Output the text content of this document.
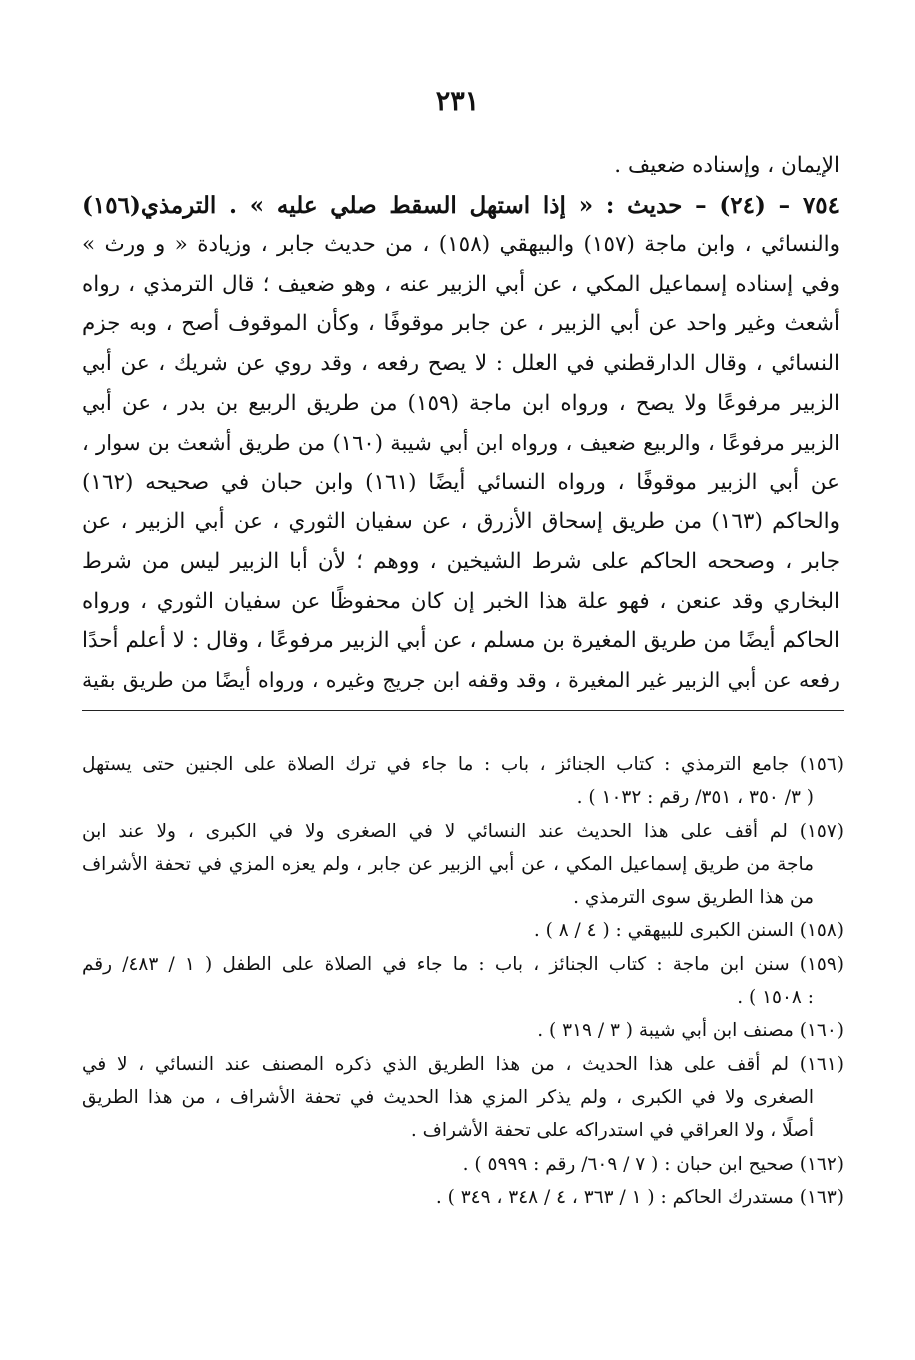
٢٣١
الإيمان ، وإسناده ضعيف .
٧٥٤ – (٢٤) – حديث : « إذا استهل السقط صلي عليه » . الترمذي(١٥٦)
والنسائي ، وابن ماجة (١٥٧) والبيهقي (١٥٨) ، من حديث جابر ، وزيادة « و ورث »
وفي إسناده إسماعيل المكي ، عن أبي الزبير عنه ، وهو ضعيف ؛ قال الترمذي ، رواه
أشعث وغير واحد عن أبي الزبير ، عن جابر موقوفًا ، وكأن الموقوف أصح ، وبه جزم
النسائي ، وقال الدارقطني في العلل : لا يصح رفعه ، وقد روي عن شريك ، عن أبي
الزبير مرفوعًا ولا يصح ، ورواه ابن ماجة (١٥٩) من طريق الربيع بن بدر ، عن أبي
الزبير مرفوعًا ، والربيع ضعيف ، ورواه ابن أبي شيبة (١٦٠) من طريق أشعث بن سوار ،
عن أبي الزبير موقوفًا ، ورواه النسائي أيضًا (١٦١) وابن حبان في صحيحه (١٦٢)
والحاكم (١٦٣) من طريق إسحاق الأزرق ، عن سفيان الثوري ، عن أبي الزبير ، عن
جابر ، وصححه الحاكم على شرط الشيخين ، ووهم ؛ لأن أبا الزبير ليس من شرط
البخاري وقد عنعن ، فهو علة هذا الخبر إن كان محفوظًا عن سفيان الثوري ، ورواه
الحاكم أيضًا من طريق المغيرة بن مسلم ، عن أبي الزبير مرفوعًا ، وقال : لا أعلم أحدًا
رفعه عن أبي الزبير غير المغيرة ، وقد وقفه ابن جريج وغيره ، ورواه أيضًا من طريق بقية
(١٥٦) جامع الترمذي : كتاب الجنائز ، باب : ما جاء في ترك الصلاة على الجنين حتى يستهل
( ٣/ ٣٥٠ ، ٣٥١/ رقم : ١٠٣٢ ) .
(١٥٧) لم أقف على هذا الحديث عند النسائي لا في الصغرى ولا في الكبرى ، ولا عند ابن
ماجة من طريق إسماعيل المكي ، عن أبي الزبير عن جابر ، ولم يعزه المزي في تحفة الأشراف
من هذا الطريق سوى الترمذي .
(١٥٨) السنن الكبرى للبيهقي : ( ٤ / ٨ ) .
(١٥٩) سنن ابن ماجة : كتاب الجنائز ، باب : ما جاء في الصلاة على الطفل ( ١ / ٤٨٣/ رقم
: ١٥٠٨ ) .
(١٦٠) مصنف ابن أبي شيبة ( ٣ / ٣١٩ ) .
(١٦١) لم أقف على هذا الحديث ، من هذا الطريق الذي ذكره المصنف عند النسائي ، لا في
الصغرى ولا في الكبرى ، ولم يذكر المزي هذا الحديث في تحفة الأشراف ، من هذا الطريق
أصلًا ، ولا العراقي في استدراكه على تحفة الأشراف .
(١٦٢) صحيح ابن حبان : ( ٧ / ٦٠٩/ رقم : ٥٩٩٩ ) .
(١٦٣) مستدرك الحاكم : ( ١ / ٣٦٣ ، ٤ / ٣٤٨ ، ٣٤٩ ) .
